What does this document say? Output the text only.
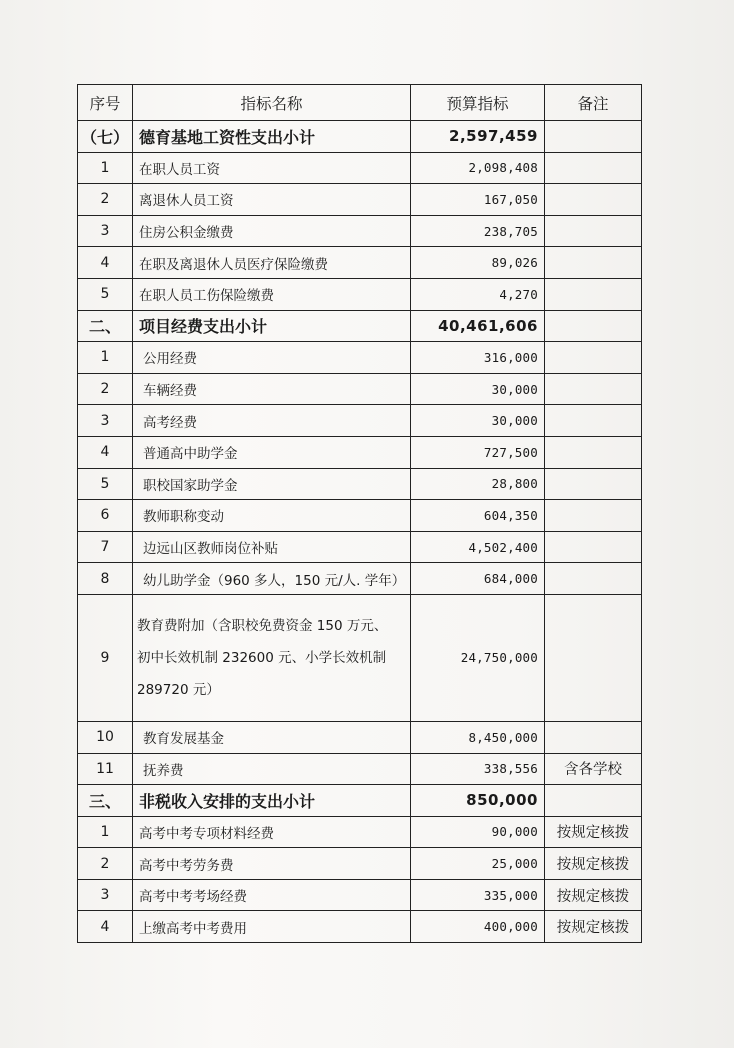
序号	指标名称	预算指标	备注
（七）	德育基地工资性支出小计	2,597,459	
1	在职人员工资	2,098,408	
2	离退休人员工资	167,050	
3	住房公积金缴费	238,705	
4	在职及离退休人员医疗保险缴费	89,026	
5	在职人员工伤保险缴费	4,270	
二、	项目经费支出小计	40,461,606	
1	公用经费	316,000	
2	车辆经费	30,000	
3	高考经费	30,000	
4	普通高中助学金	727,500	
5	职校国家助学金	28,800	
6	教师职称变动	604,350	
7	边远山区教师岗位补贴	4,502,400	
8	幼儿助学金（960 多人，150 元/人. 学年）	684,000	
9	教育费附加（含职校免费资金 150 万元、
初中长效机制 232600 元、小学长效机制
289720 元）	24,750,000	
10	教育发展基金	8,450,000	
11	抚养费	338,556	含各学校
三、	非税收入安排的支出小计	850,000	
1	高考中考专项材料经费	90,000	按规定核拨
2	高考中考劳务费	25,000	按规定核拨
3	高考中考考场经费	335,000	按规定核拨
4	上缴高考中考费用	400,000	按规定核拨
